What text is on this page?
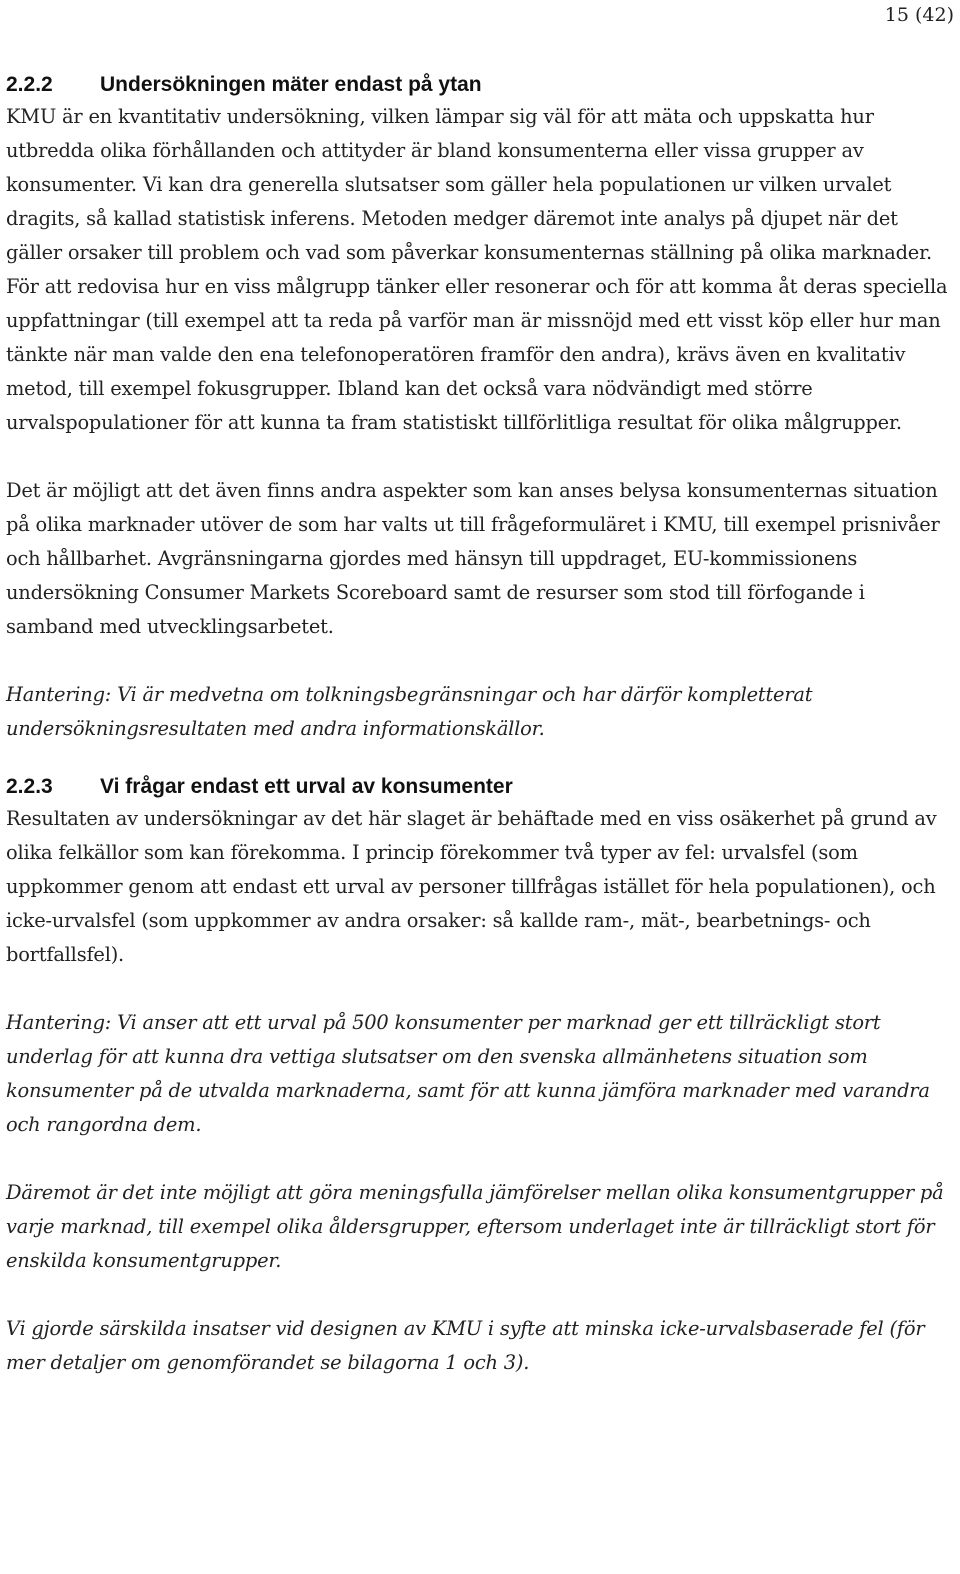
15 (42)
2.2.2 Undersökningen mäter endast på ytan

KMU är en kvantitativ undersökning, vilken lämpar sig väl för att mäta och uppskatta hur utbredda olika förhållanden och attityder är bland konsumenterna eller vissa grupper av konsumenter. Vi kan dra generella slutsatser som gäller hela populationen ur vilken urvalet dragits, så kallad statistisk inferens. Metoden medger däremot inte analys på djupet när det gäller orsaker till problem och vad som påverkar konsumenternas ställning på olika marknader. För att redovisa hur en viss målgrupp tänker eller resonerar och för att komma åt deras speciella uppfattningar (till exempel att ta reda på varför man är missnöjd med ett visst köp eller hur man tänkte när man valde den ena telefonoperatören framför den andra), krävs även en kvalitativ metod, till exempel fokusgrupper. Ibland kan det också vara nödvändigt med större urvalspopulationer för att kunna ta fram statistiskt tillförlitliga resultat för olika målgrupper.

Det är möjligt att det även finns andra aspekter som kan anses belysa konsumenternas situation på olika marknader utöver de som har valts ut till frågeformuläret i KMU, till exempel prisnivåer och hållbarhet. Avgränsningarna gjordes med hänsyn till uppdraget, EU-kommissionens undersökning Consumer Markets Scoreboard samt de resurser som stod till förfogande i samband med utvecklingsarbetet.

Hantering: Vi är medvetna om tolkningsbegränsningar och har därför kompletterat undersökningsresultaten med andra informationskällor.

2.2.3 Vi frågar endast ett urval av konsumenter

Resultaten av undersökningar av det här slaget är behäftade med en viss osäkerhet på grund av olika felkällor som kan förekomma. I princip förekommer två typer av fel: urvalsfel (som uppkommer genom att endast ett urval av personer tillfrågas istället för hela populationen), och icke-urvalsfel (som uppkommer av andra orsaker: så kallde ram-, mät-, bearbetnings- och bortfallsfel).

Hantering: Vi anser att ett urval på 500 konsumenter per marknad ger ett tillräckligt stort underlag för att kunna dra vettiga slutsatser om den svenska allmänhetens situation som konsumenter på de utvalda marknaderna, samt för att kunna jämföra marknader med varandra och rangordna dem.

Däremot är det inte möjligt att göra meningsfulla jämförelser mellan olika konsumentgrupper på varje marknad, till exempel olika åldersgrupper, eftersom underlaget inte är tillräckligt stort för enskilda konsumentgrupper.

Vi gjorde särskilda insatser vid designen av KMU i syfte att minska icke-urvalsbaserade fel (för mer detaljer om genomförandet se bilagorna 1 och 3).
